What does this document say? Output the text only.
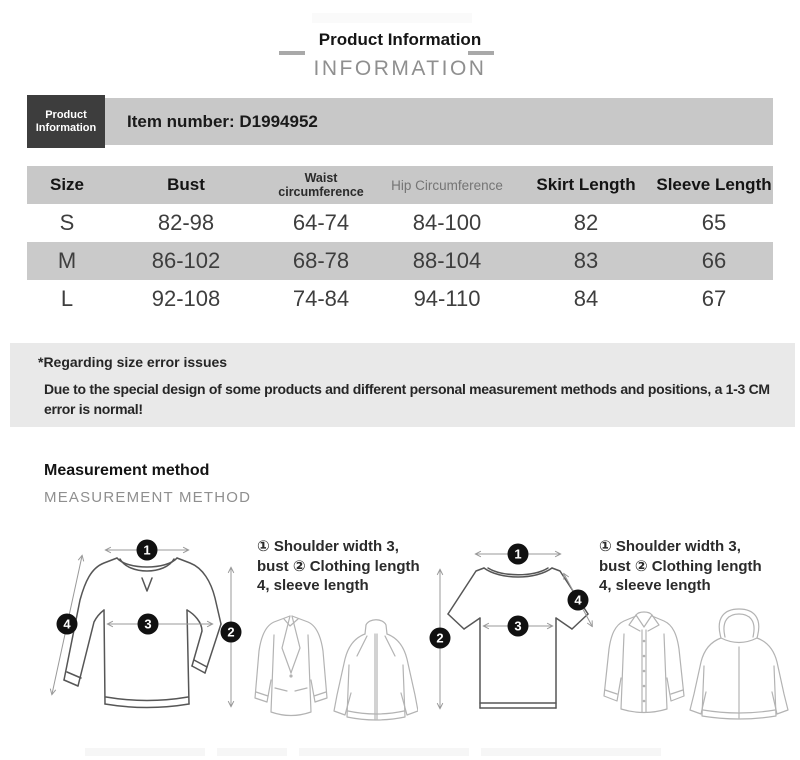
Product Information
INFORMATION
Product
Information Item number: D1994952
Size	Bust	Waist circumference	Hip Circumference	Skirt Length	Sleeve Length
S	82-98	64-74	84-100	82	65
M	86-102	68-78	88-104	83	66
L	92-108	74-84	94-110	84	67

*Regarding size error issues

Due to the special design of some products and different personal measurement methods and positions, a 1-3 CM error is normal!

Measurement method
MEASUREMENT METHOD
① Shoulder width 3,
bust ② Clothing length
4, sleeve length
① Shoulder width 3,
bust ② Clothing length
4, sleeve length
1
3
2
4
1
3
2
4
